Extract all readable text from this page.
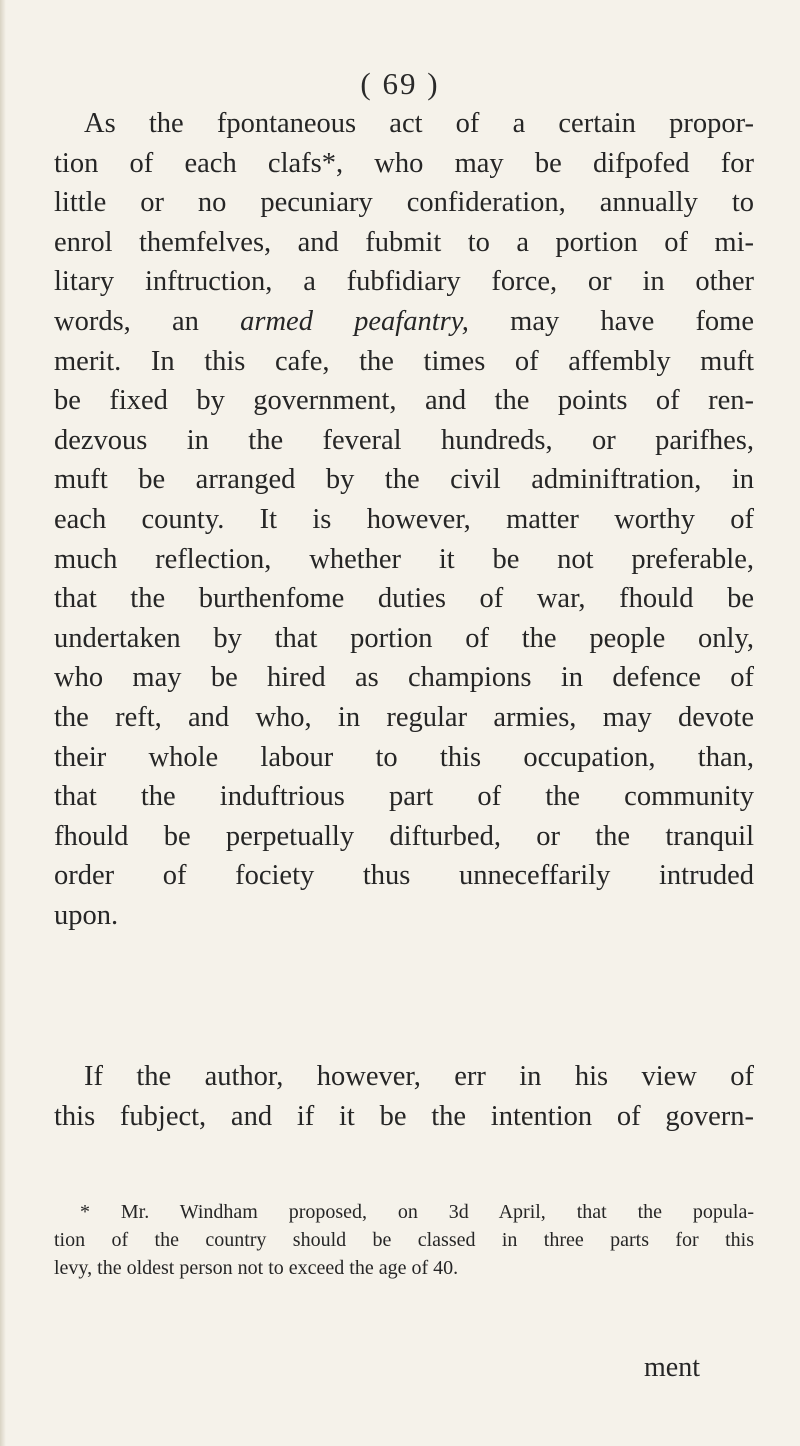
( 69 )
As the fpontaneous act of a certain propor-
tion of each clafs*, who may be difpofed for
little or no pecuniary confideration, annually to
enrol themfelves, and fubmit to a portion of mi-
litary inftruction, a fubfidiary force, or in other
words, an armed peafantry, may have fome
merit. In this cafe, the times of affembly muft
be fixed by government, and the points of ren-
dezvous in the feveral hundreds, or parifhes,
muft be arranged by the civil adminiftration, in
each county. It is however, matter worthy of
much reflection, whether it be not preferable,
that the burthenfome duties of war, fhould be
undertaken by that portion of the people only,
who may be hired as champions in defence of
the reft, and who, in regular armies, may devote
their whole labour to this occupation, than,
that the induftrious part of the community
fhould be perpetually difturbed, or the tranquil
order of fociety thus unneceffarily intruded
upon.
If the author, however, err in his view of
this fubject, and if it be the intention of govern-
* Mr. Windham proposed, on 3d April, that the popula-
tion of the country should be classed in three parts for this
levy, the oldest person not to exceed the age of 40.
ment
